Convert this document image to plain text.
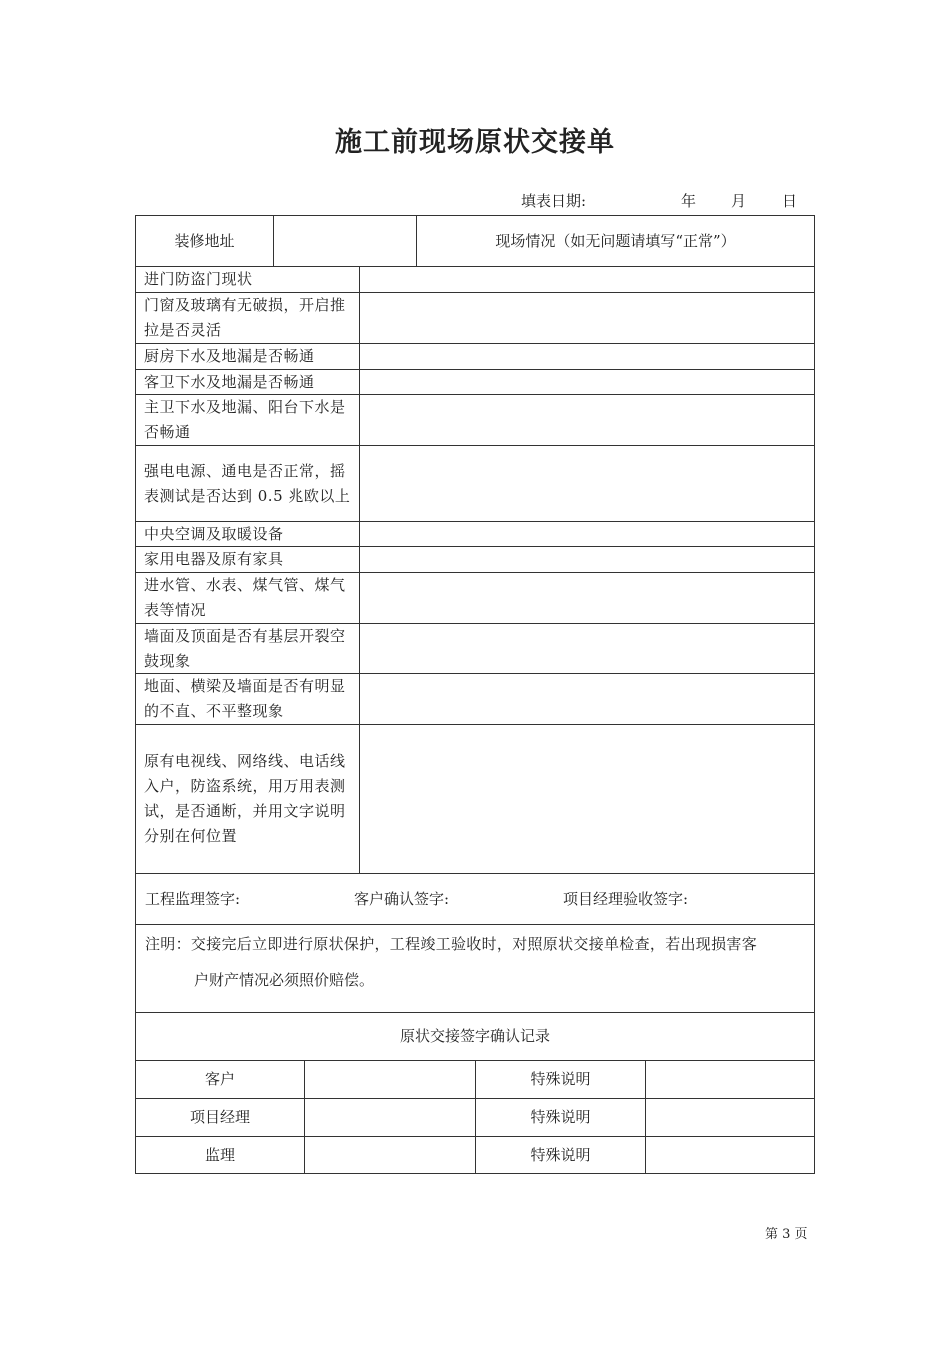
施工前现场原状交接单
填表日期:	年 月 日
装修地址	现场情况（如无问题请填写“正常”）
进门防盗门现状
门窗及玻璃有无破损，开启推拉是否灵活
厨房下水及地漏是否畅通
客卫下水及地漏是否畅通
主卫下水及地漏、阳台下水是否畅通
强电电源、通电是否正常，摇表测试是否达到 0.5 兆欧以上
中央空调及取暖设备
家用电器及原有家具
进水管、水表、煤气管、煤气表等情况
墙面及顶面是否有基层开裂空鼓现象
地面、横梁及墙面是否有明显的不直、不平整现象
原有电视线、网络线、电话线入户，防盗系统，用万用表测试，是否通断，并用文字说明分别在何位置
工程监理签字:	客户确认签字:	项目经理验收签字:
注明：交接完后立即进行原状保护，工程竣工验收时，对照原状交接单检查，若出现损害客
户财产情况必须照价赔偿。
原状交接签字确认记录
客户	特殊说明
项目经理	特殊说明
监理	特殊说明
第 3 页
